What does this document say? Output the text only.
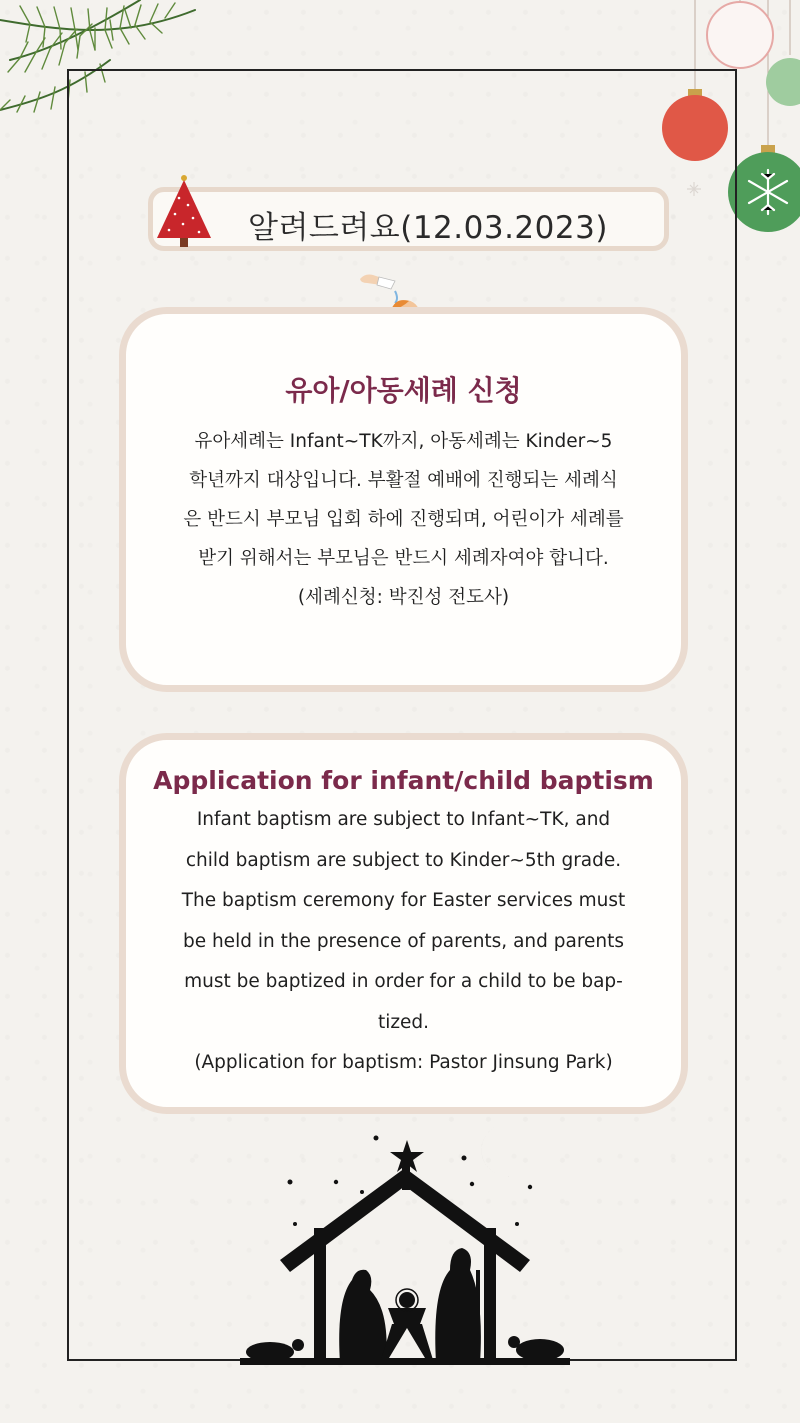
알려드려요(12.03.2023)
유아/아동세례 신청
유아세례는 Infant~TK까지, 아동세례는 Kinder~5
학년까지 대상입니다. 부활절 예배에 진행되는 세례식
은 반드시 부모님 입회 하에 진행되며, 어린이가 세례를
받기 위해서는 부모님은 반드시 세례자여야 합니다.
(세례신청: 박진성 전도사)
Application for infant/child baptism
Infant baptism are subject to Infant~TK, and
child baptism are subject to Kinder~5th grade.
The baptism ceremony for Easter services must
be held in the presence of parents, and parents
must be baptized in order for a child to be bap-
tized.
(Application for baptism: Pastor Jinsung Park)
